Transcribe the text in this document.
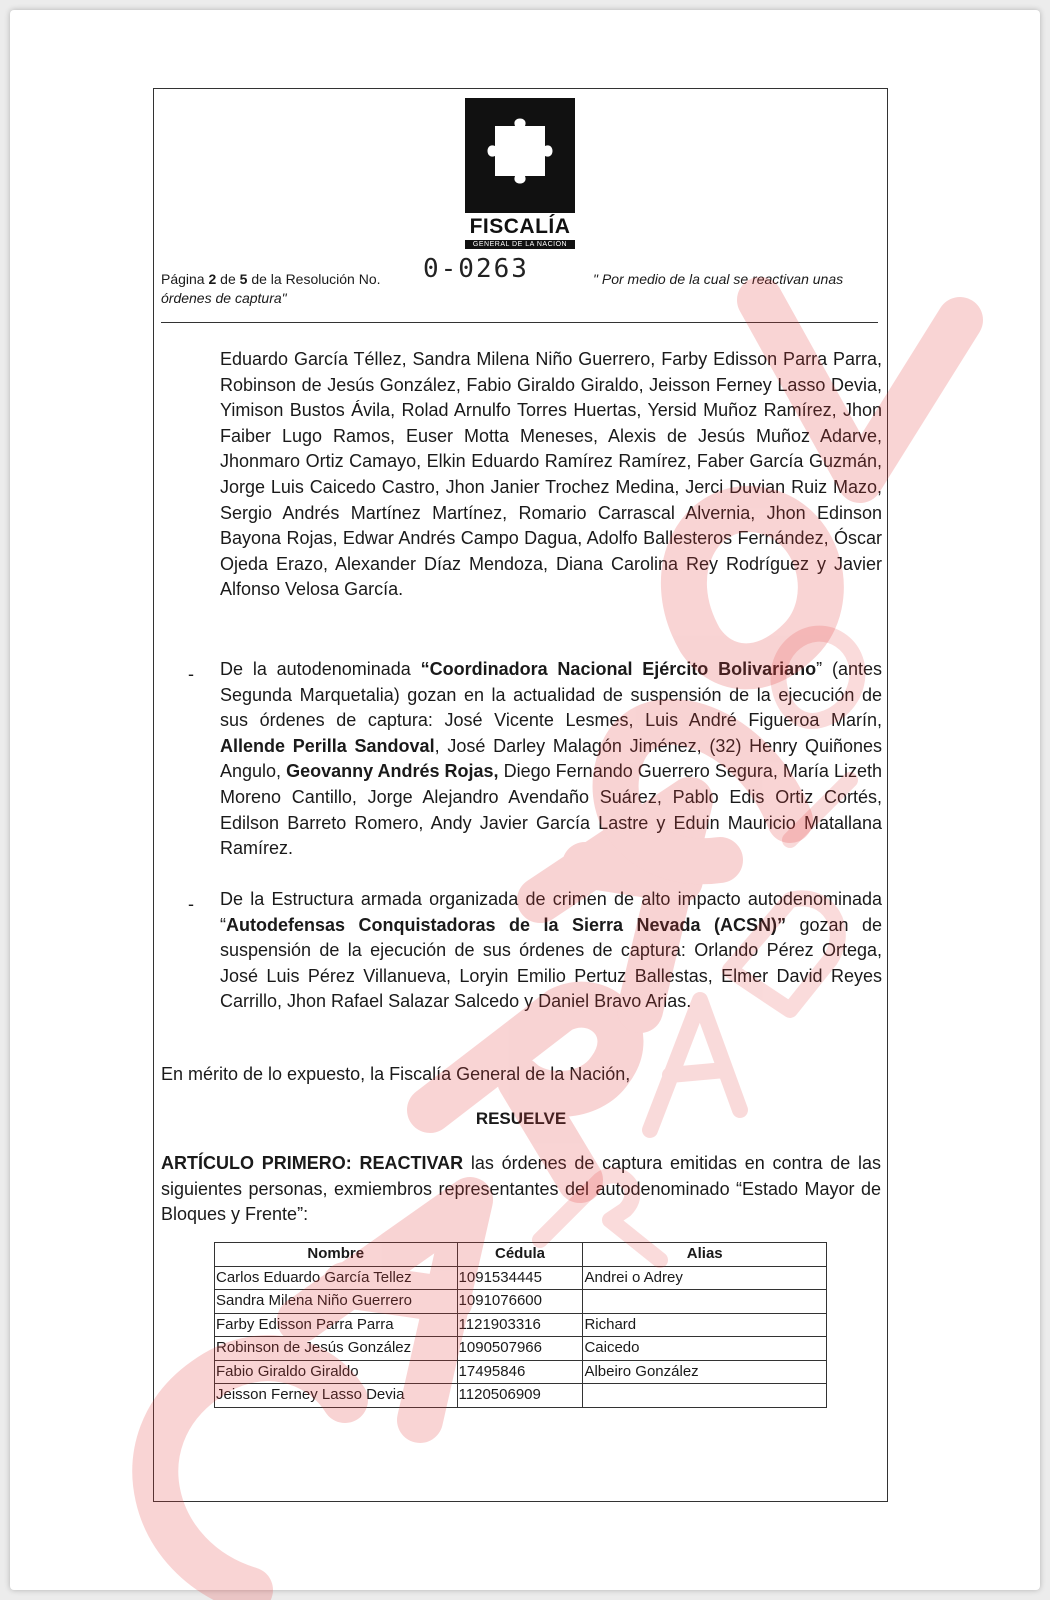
FISCALÍA
GENERAL DE LA NACIÓN
Página 2 de 5 de la Resolución No. 0-0263	" Por medio de la cual se reactivan unas
órdenes de captura"
Eduardo García Téllez, Sandra Milena Niño Guerrero, Farby Edisson Parra Parra, Robinson de Jesús González, Fabio Giraldo Giraldo, Jeisson Ferney Lasso Devia, Yimison Bustos Ávila, Rolad Arnulfo Torres Huertas, Yersid Muñoz Ramírez, Jhon Faiber Lugo Ramos, Euser Motta Meneses, Alexis de Jesús Muñoz Adarve, Jhonmaro Ortiz Camayo, Elkin Eduardo Ramírez Ramírez, Faber García Guzmán, Jorge Luis Caicedo Castro, Jhon Janier Trochez Medina, Jerci Duvian Ruiz Mazo, Sergio Andrés Martínez Martínez, Romario Carrascal Alvernia, Jhon Edinson Bayona Rojas, Edwar Andrés Campo Dagua, Adolfo Ballesteros Fernández, Óscar Ojeda Erazo, Alexander Díaz Mendoza, Diana Carolina Rey Rodríguez y Javier Alfonso Velosa García.
- De la autodenominada “Coordinadora Nacional Ejército Bolivariano” (antes Segunda Marquetalia) gozan en la actualidad de suspensión de la ejecución de sus órdenes de captura: José Vicente Lesmes, Luis André Figueroa Marín, Allende Perilla Sandoval, José Darley Malagón Jiménez, (32) Henry Quiñones Angulo, Geovanny Andrés Rojas, Diego Fernando Guerrero Segura, María Lizeth Moreno Cantillo, Jorge Alejandro Avendaño Suárez, Pablo Edis Ortiz Cortés, Edilson Barreto Romero, Andy Javier García Lastre y Eduin Mauricio Matallana Ramírez.
- De la Estructura armada organizada de crimen de alto impacto autodenominada “Autodefensas Conquistadoras de la Sierra Nevada (ACSN)” gozan de suspensión de la ejecución de sus órdenes de captura: Orlando Pérez Ortega, José Luis Pérez Villanueva, Loryin Emilio Pertuz Ballestas, Elmer David Reyes Carrillo, Jhon Rafael Salazar Salcedo y Daniel Bravo Arias.
En mérito de lo expuesto, la Fiscalía General de la Nación,
RESUELVE
ARTÍCULO PRIMERO: REACTIVAR las órdenes de captura emitidas en contra de las siguientes personas, exmiembros representantes del autodenominado “Estado Mayor de Bloques y Frente”:
Nombre	Cédula	Alias
Carlos Eduardo García Tellez	1091534445	Andrei o Adrey
Sandra Milena Niño Guerrero	1091076600	
Farby Edisson Parra Parra	1121903316	Richard
Robinson de Jesús González	1090507966	Caicedo
Fabio Giraldo Giraldo	17495846	Albeiro González
Jeisson Ferney Lasso Devia	1120506909	
